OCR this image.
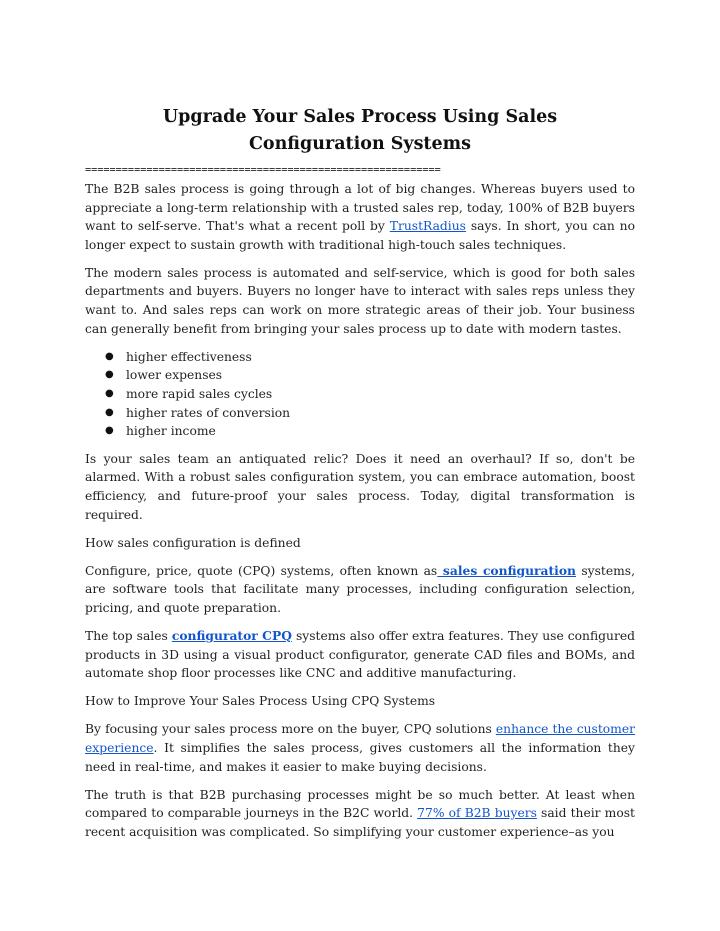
Upgrade Your Sales Process Using Sales Configuration Systems
==========================================================

The B2B sales process is going through a lot of big changes. Whereas buyers used to appreciate a long-term relationship with a trusted sales rep, today, 100% of B2B buyers want to self-serve. That's what a recent poll by TrustRadius says. In short, you can no longer expect to sustain growth with traditional high-touch sales techniques.

The modern sales process is automated and self-service, which is good for both sales departments and buyers. Buyers no longer have to interact with sales reps unless they want to. And sales reps can work on more strategic areas of their job. Your business can generally benefit from bringing your sales process up to date with modern tastes.

● higher effectiveness
● lower expenses
● more rapid sales cycles
● higher rates of conversion
● higher income

Is your sales team an antiquated relic? Does it need an overhaul? If so, don't be alarmed. With a robust sales configuration system, you can embrace automation, boost efficiency, and future-proof your sales process. Today, digital transformation is required.

How sales configuration is defined

Configure, price, quote (CPQ) systems, often known as sales configuration systems, are software tools that facilitate many processes, including configuration selection, pricing, and quote preparation.

The top sales configurator CPQ systems also offer extra features. They use configured products in 3D using a visual product configurator, generate CAD files and BOMs, and automate shop floor processes like CNC and additive manufacturing.

How to Improve Your Sales Process Using CPQ Systems

By focusing your sales process more on the buyer, CPQ solutions enhance the customer experience. It simplifies the sales process, gives customers all the information they need in real-time, and makes it easier to make buying decisions.

The truth is that B2B purchasing processes might be so much better. At least when compared to comparable journeys in the B2C world. 77% of B2B buyers said their most recent acquisition was complicated. So simplifying your customer experience–as you
